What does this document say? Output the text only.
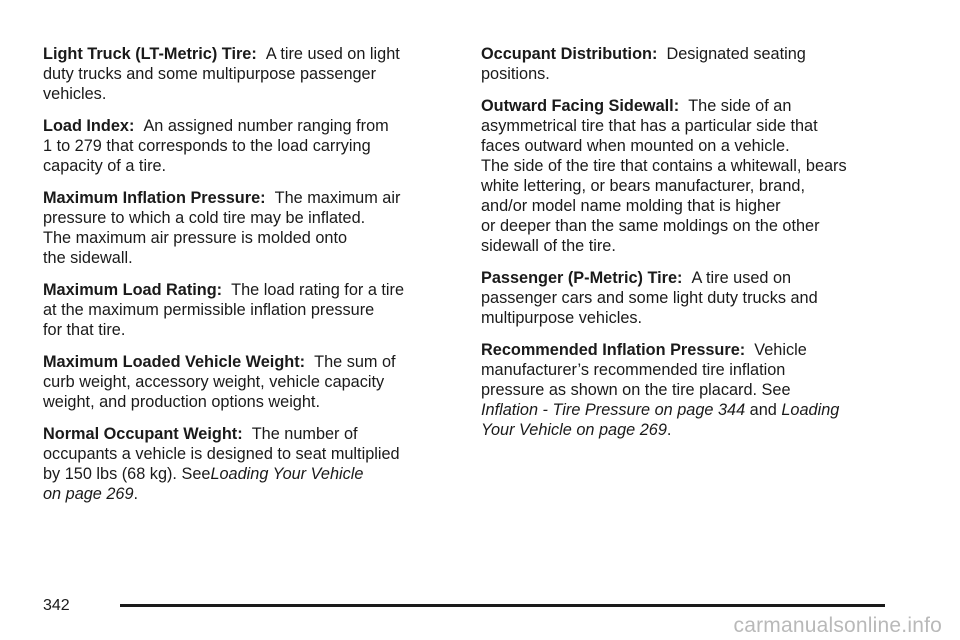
Light Truck (LT-Metric) Tire: A tire used on light
duty trucks and some multipurpose passenger
vehicles.

Load Index: An assigned number ranging from
1 to 279 that corresponds to the load carrying
capacity of a tire.

Maximum Inflation Pressure: The maximum air
pressure to which a cold tire may be inflated.
The maximum air pressure is molded onto
the sidewall.

Maximum Load Rating: The load rating for a tire
at the maximum permissible inflation pressure
for that tire.

Maximum Loaded Vehicle Weight: The sum of
curb weight, accessory weight, vehicle capacity
weight, and production options weight.

Normal Occupant Weight: The number of
occupants a vehicle is designed to seat multiplied
by 150 lbs (68 kg). SeeLoading Your Vehicle
on page 269.

Occupant Distribution: Designated seating
positions.

Outward Facing Sidewall: The side of an
asymmetrical tire that has a particular side that
faces outward when mounted on a vehicle.
The side of the tire that contains a whitewall, bears
white lettering, or bears manufacturer, brand,
and/or model name molding that is higher
or deeper than the same moldings on the other
sidewall of the tire.

Passenger (P-Metric) Tire: A tire used on
passenger cars and some light duty trucks and
multipurpose vehicles.

Recommended Inflation Pressure: Vehicle
manufacturer’s recommended tire inflation
pressure as shown on the tire placard. See
Inflation - Tire Pressure on page 344 and Loading
Your Vehicle on page 269.

342
carmanualsonline.info
